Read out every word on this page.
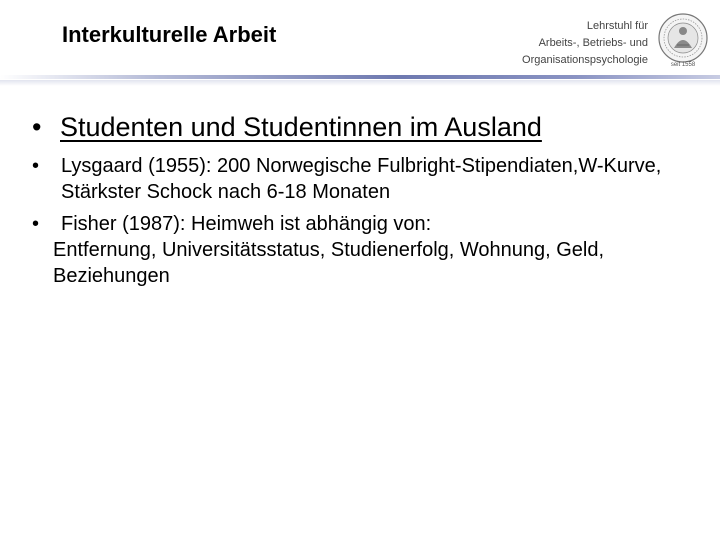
Interkulturelle Arbeit	Lehrstuhl für
Arbeits-, Betriebs- und
Organisationspsychologie	seit 1558
• Studenten und Studentinnen im Ausland
• Lysgaard (1955): 200 Norwegische Fulbright-Stipendiaten,W-Kurve, Stärkster Schock nach 6-18 Monaten
• Fisher (1987): Heimweh ist abhängig von:
Entfernung, Universitätsstatus, Studienerfolg, Wohnung, Geld, Beziehungen
